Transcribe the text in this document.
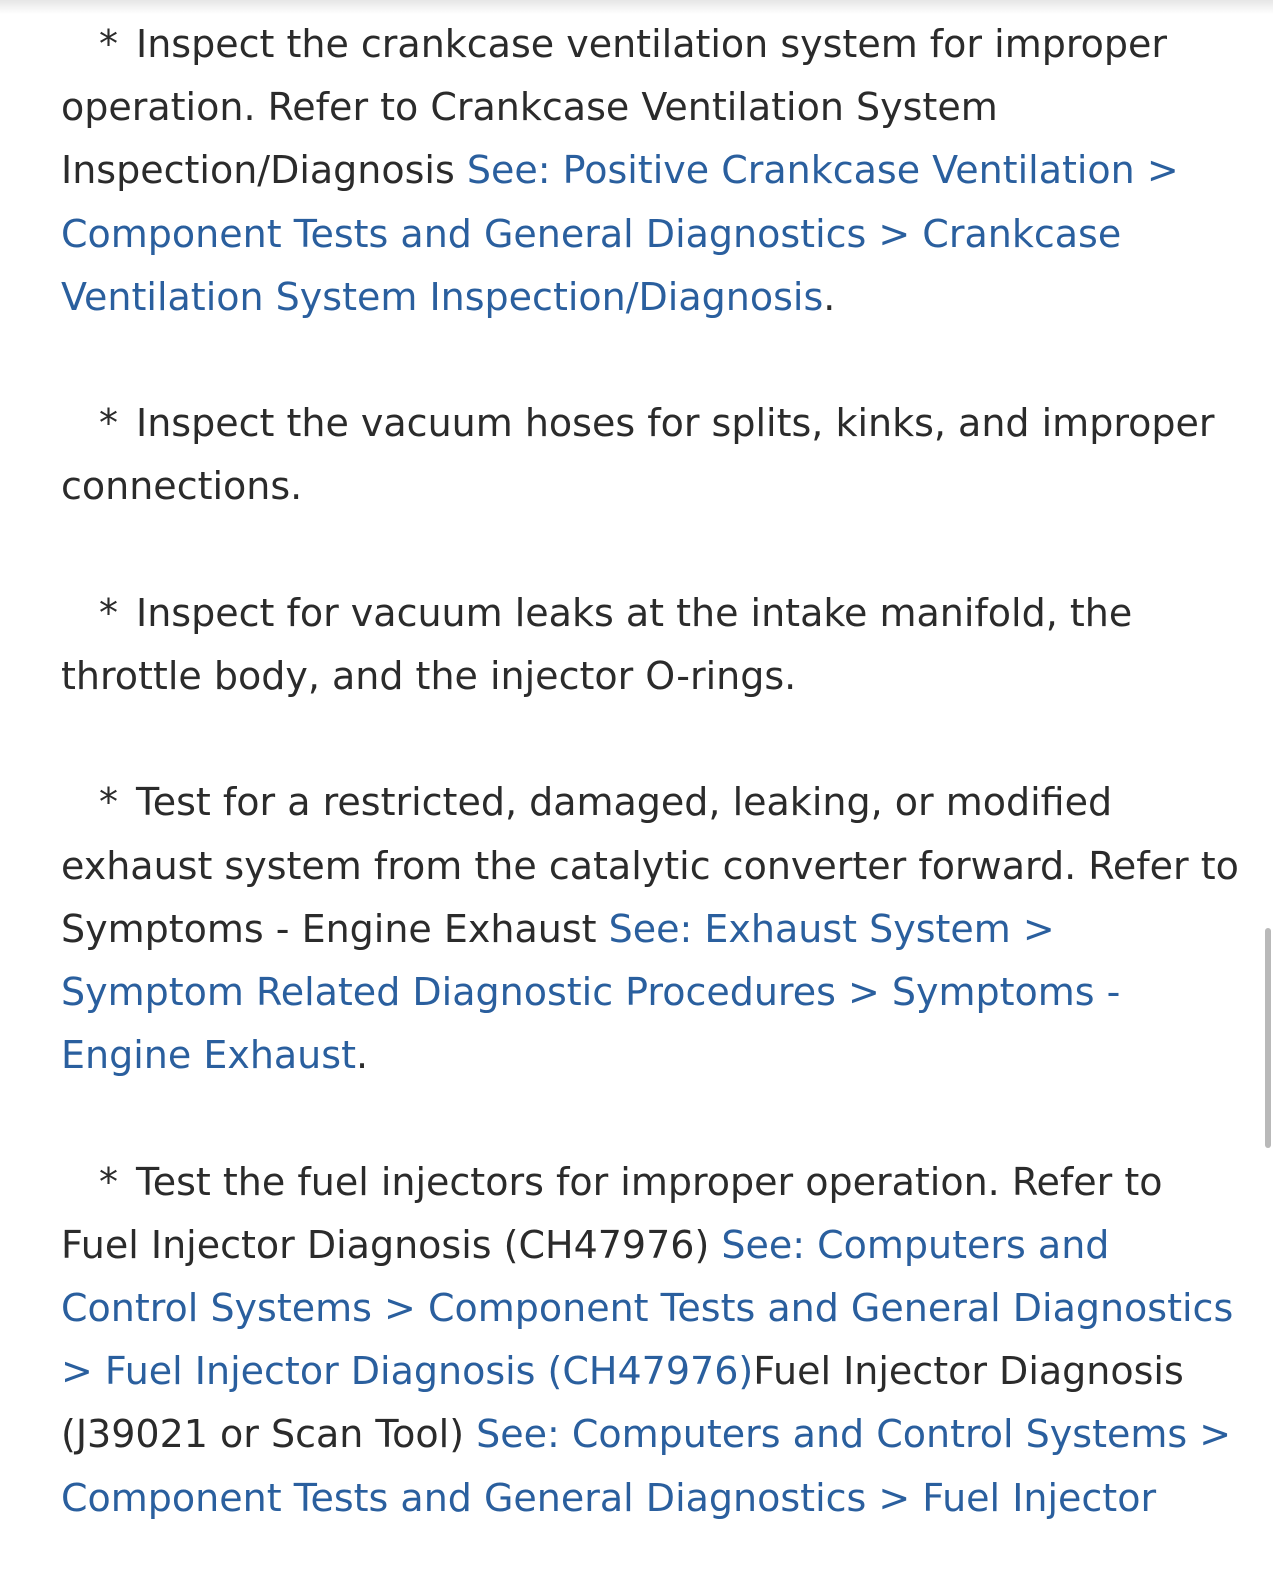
* Inspect the crankcase ventilation system for improper operation. Refer to Crankcase Ventilation System Inspection/Diagnosis See: Positive Crankcase Ventilation > Component Tests and General Diagnostics > Crankcase Ventilation System Inspection/Diagnosis.

* Inspect the vacuum hoses for splits, kinks, and improper connections.

* Inspect for vacuum leaks at the intake manifold, the throttle body, and the injector O-rings.

* Test for a restricted, damaged, leaking, or modified exhaust system from the catalytic converter forward. Refer to Symptoms - Engine Exhaust See: Exhaust System > Symptom Related Diagnostic Procedures > Symptoms - Engine Exhaust.

* Test the fuel injectors for improper operation. Refer to Fuel Injector Diagnosis (CH47976) See: Computers and Control Systems > Component Tests and General Diagnostics > Fuel Injector Diagnosis (CH47976)Fuel Injector Diagnosis (J39021 or Scan Tool) See: Computers and Control Systems > Component Tests and General Diagnostics > Fuel Injector
